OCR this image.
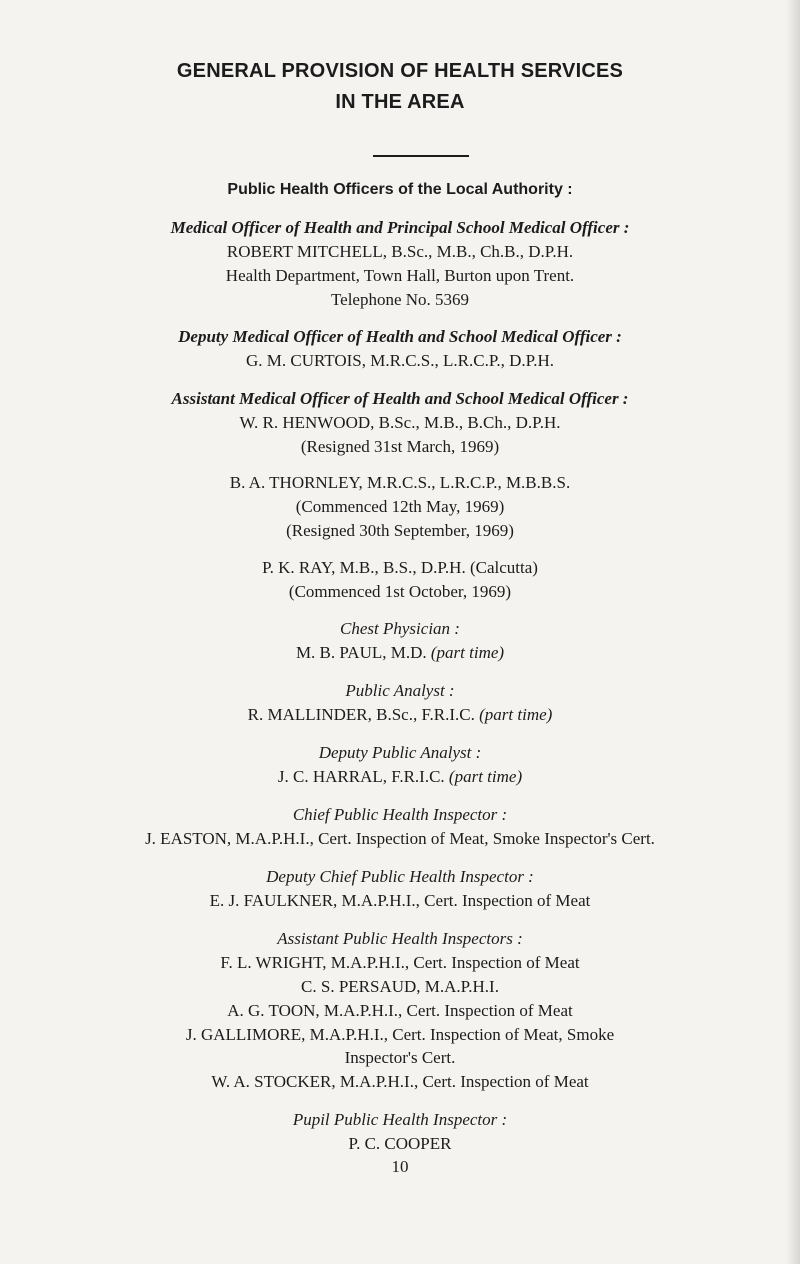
GENERAL PROVISION OF HEALTH SERVICES
IN THE AREA
Public Health Officers of the Local Authority :
Medical Officer of Health and Principal School Medical Officer :
ROBERT MITCHELL, B.Sc., M.B., Ch.B., D.P.H.
Health Department, Town Hall, Burton upon Trent.
Telephone No. 5369
Deputy Medical Officer of Health and School Medical Officer :
G. M. CURTOIS, M.R.C.S., L.R.C.P., D.P.H.
Assistant Medical Officer of Health and School Medical Officer :
W. R. HENWOOD, B.Sc., M.B., B.Ch., D.P.H.
(Resigned 31st March, 1969)
B. A. THORNLEY, M.R.C.S., L.R.C.P., M.B.B.S.
(Commenced 12th May, 1969)
(Resigned 30th September, 1969)
P. K. RAY, M.B., B.S., D.P.H. (Calcutta)
(Commenced 1st October, 1969)
Chest Physician :
M. B. PAUL, M.D. (part time)
Public Analyst :
R. MALLINDER, B.Sc., F.R.I.C. (part time)
Deputy Public Analyst :
J. C. HARRAL, F.R.I.C. (part time)
Chief Public Health Inspector :
J. EASTON, M.A.P.H.I., Cert. Inspection of Meat, Smoke Inspector's Cert.
Deputy Chief Public Health Inspector :
E. J. FAULKNER, M.A.P.H.I., Cert. Inspection of Meat
Assistant Public Health Inspectors :
F. L. WRIGHT, M.A.P.H.I., Cert. Inspection of Meat
C. S. PERSAUD, M.A.P.H.I.
A. G. TOON, M.A.P.H.I., Cert. Inspection of Meat
J. GALLIMORE, M.A.P.H.I., Cert. Inspection of Meat, Smoke
Inspector's Cert.
W. A. STOCKER, M.A.P.H.I., Cert. Inspection of Meat
Pupil Public Health Inspector :
P. C. COOPER
10
